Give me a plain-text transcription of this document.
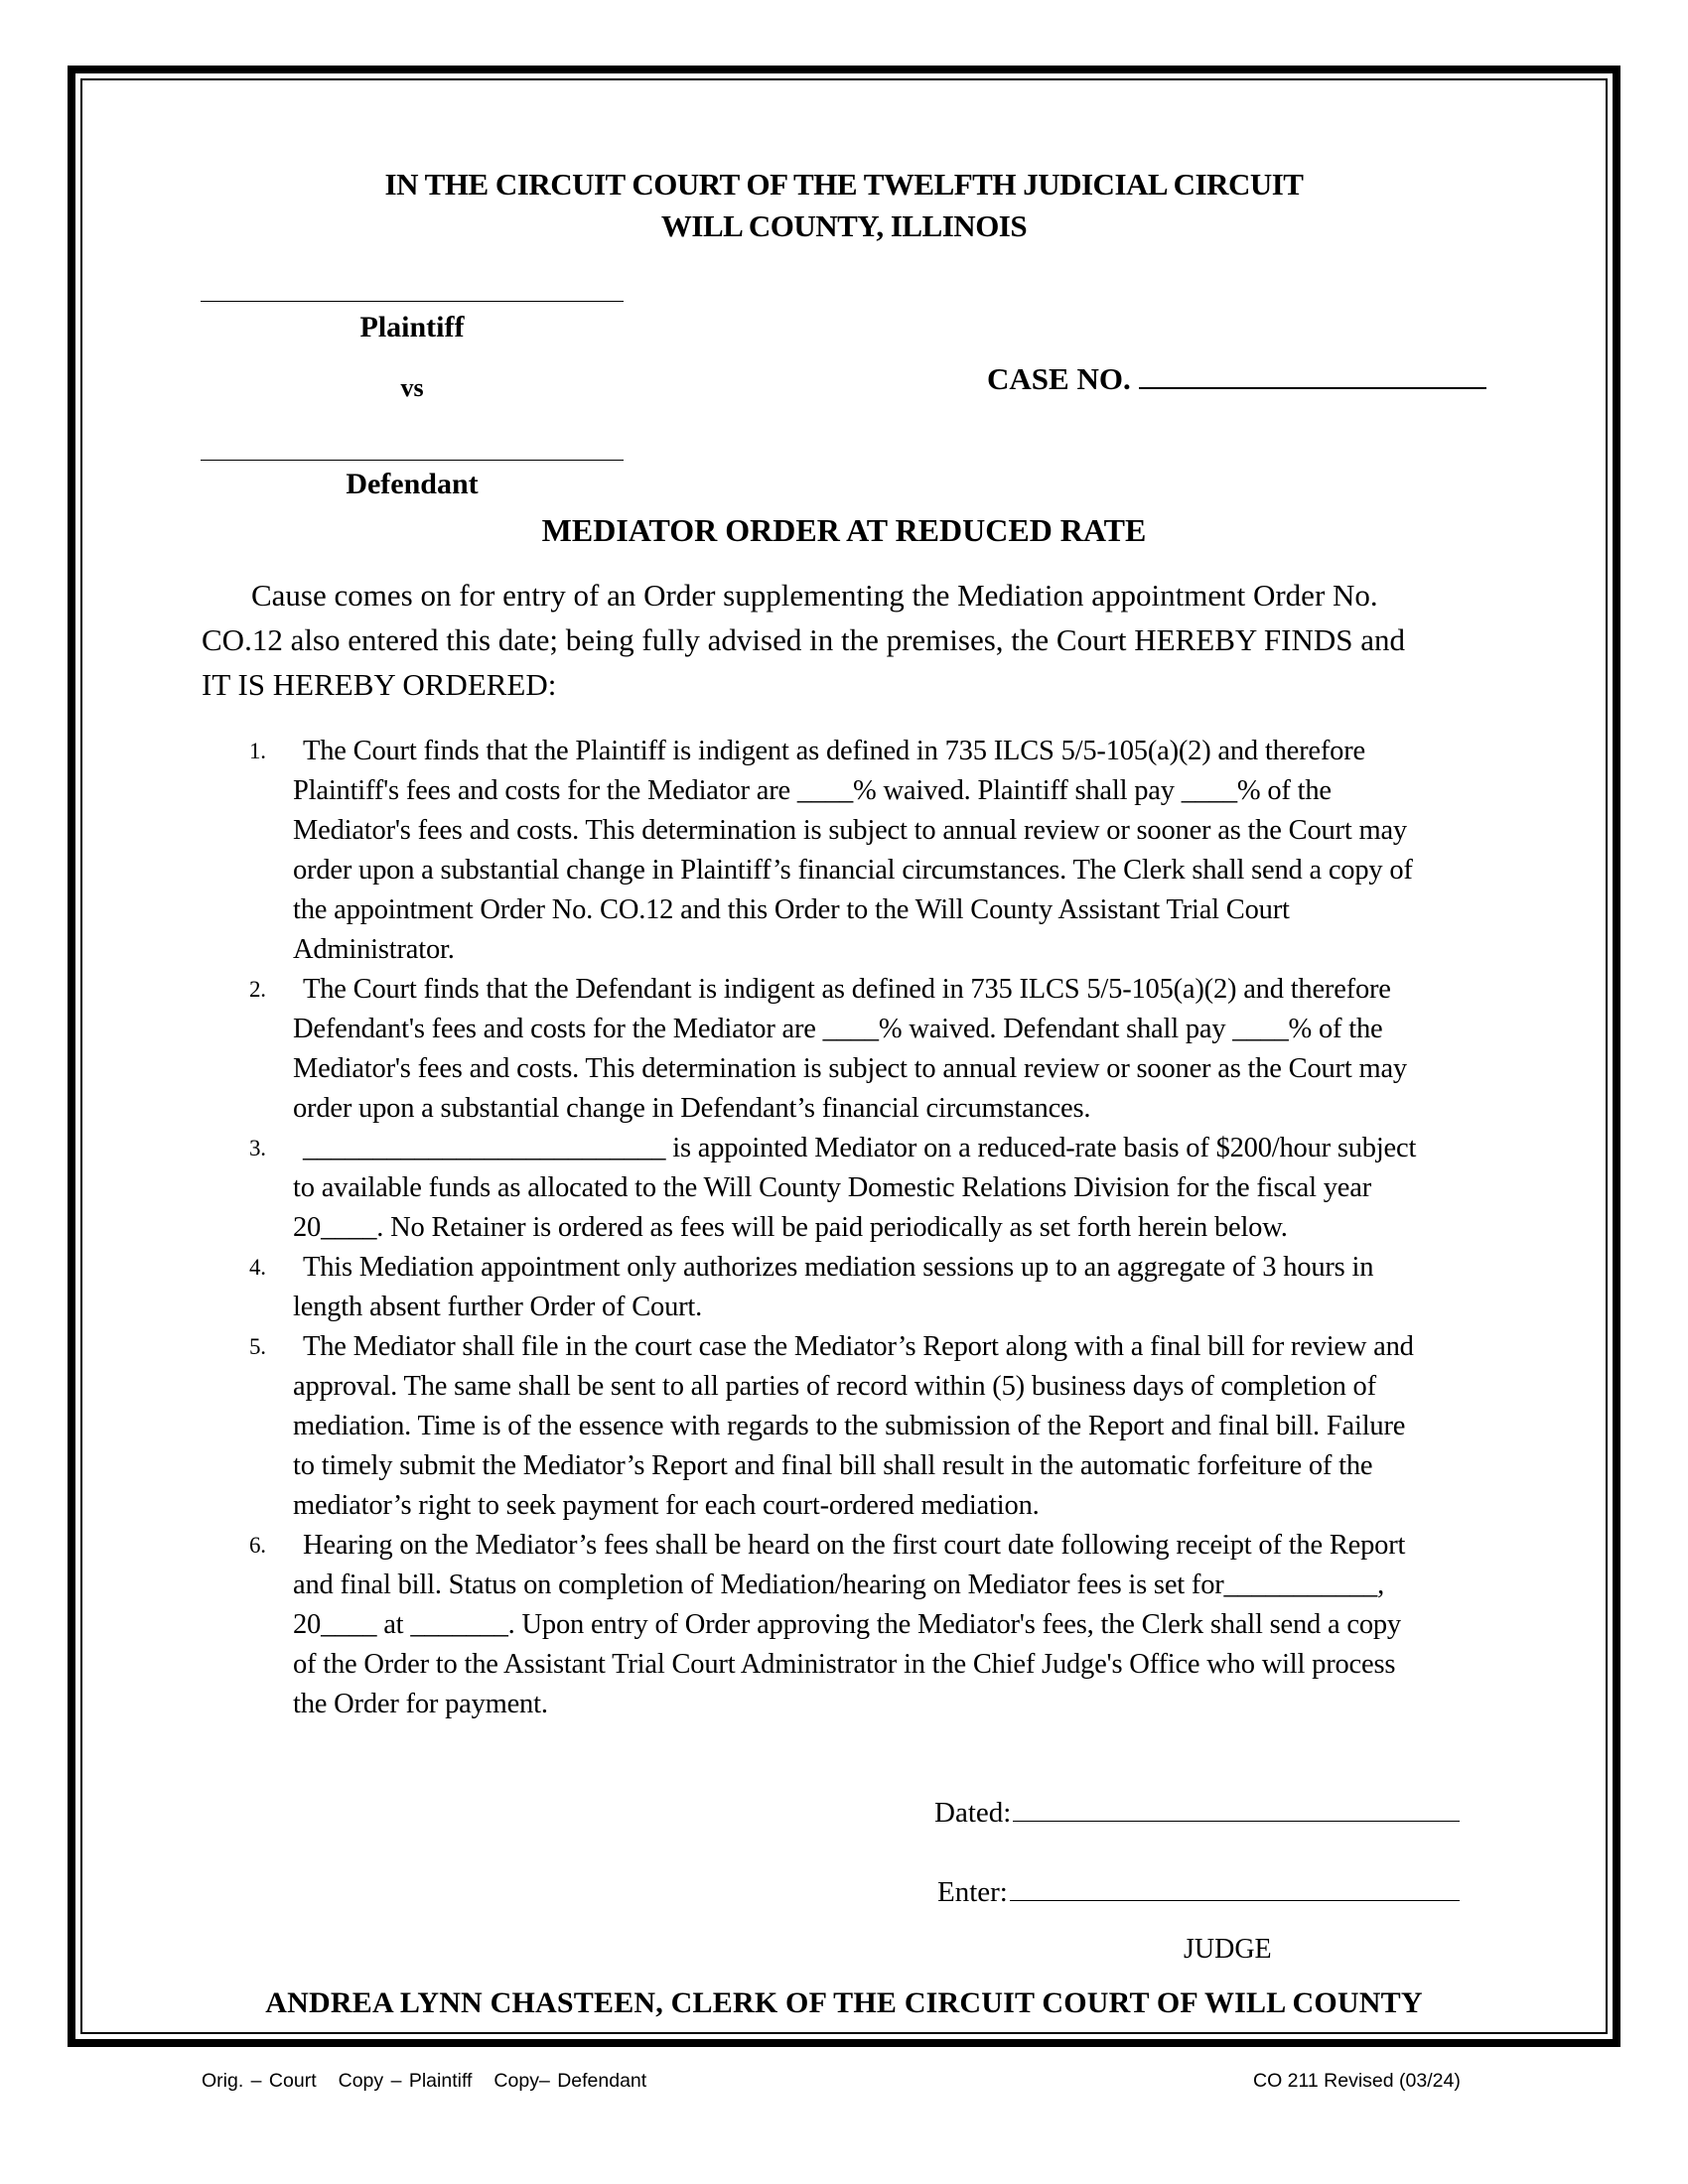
IN THE CIRCUIT COURT OF THE TWELFTH JUDICIAL CIRCUIT
WILL COUNTY, ILLINOIS
Plaintiff
vs
Defendant
CASE NO.
MEDIATOR ORDER AT REDUCED RATE
Cause comes on for entry of an Order supplementing the Mediation appointment Order No.
CO.12 also entered this date; being fully advised in the premises, the Court HEREBY FINDS and
IT IS HEREBY ORDERED:
1.	The Court finds that the Plaintiff is indigent as defined in 735 ILCS 5/5-105(a)(2) and therefore
Plaintiff's fees and costs for the Mediator are ____% waived. Plaintiff shall pay ____% of the
Mediator's fees and costs. This determination is subject to annual review or sooner as the Court may
order upon a substantial change in Plaintiff’s financial circumstances. The Clerk shall send a copy of
the appointment Order No. CO.12 and this Order to the Will County Assistant Trial Court
Administrator.
2.	The Court finds that the Defendant is indigent as defined in 735 ILCS 5/5-105(a)(2) and therefore
Defendant's fees and costs for the Mediator are ____% waived. Defendant shall pay ____% of the
Mediator's fees and costs. This determination is subject to annual review or sooner as the Court may
order upon a substantial change in Defendant’s financial circumstances.
3.	__________________________ is appointed Mediator on a reduced-rate basis of $200/hour subject
to available funds as allocated to the Will County Domestic Relations Division for the fiscal year
20____. No Retainer is ordered as fees will be paid periodically as set forth herein below.
4.	This Mediation appointment only authorizes mediation sessions up to an aggregate of 3 hours in
length absent further Order of Court.
5.	The Mediator shall file in the court case the Mediator’s Report along with a final bill for review and
approval. The same shall be sent to all parties of record within (5) business days of completion of
mediation. Time is of the essence with regards to the submission of the Report and final bill. Failure
to timely submit the Mediator’s Report and final bill shall result in the automatic forfeiture of the
mediator’s right to seek payment for each court-ordered mediation.
6.	Hearing on the Mediator’s fees shall be heard on the first court date following receipt of the Report
and final bill. Status on completion of Mediation/hearing on Mediator fees is set for___________,
20____ at _______. Upon entry of Order approving the Mediator's fees, the Clerk shall send a copy
of the Order to the Assistant Trial Court Administrator in the Chief Judge's Office who will process
the Order for payment.
Dated:
Enter:
JUDGE
ANDREA LYNN CHASTEEN, CLERK OF THE CIRCUIT COURT OF WILL COUNTY
Orig. – Court Copy – Plaintiff Copy– Defendant	CO 211 Revised (03/24)
